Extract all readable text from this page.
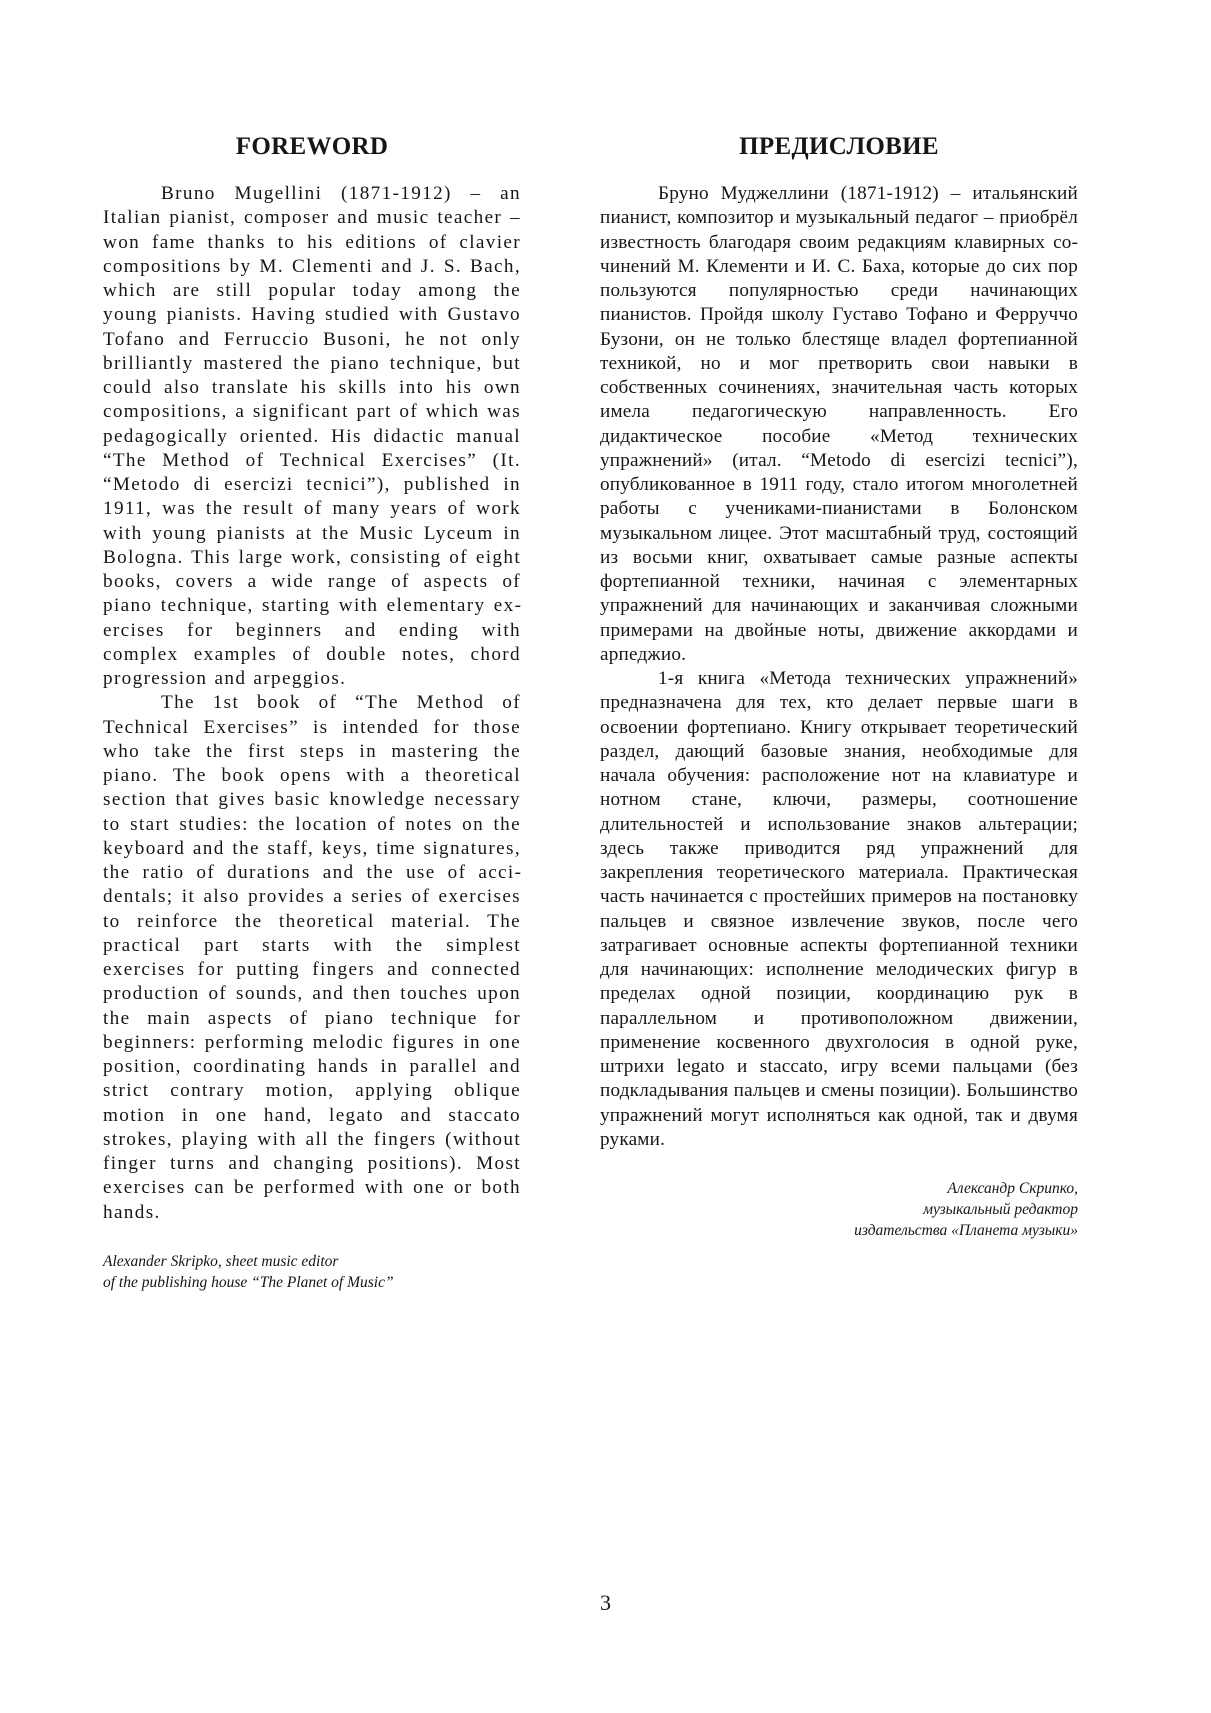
FOREWORD

Bruno Mugellini (1871-1912) – an Italian pianist, composer and music teacher – won fame thanks to his editions of clavier compositions by M. Clementi and J. S. Bach, which are still popular today among the young pianists. Having studied with Gustavo Tofano and Ferruccio Busoni, he not only brilliantly mastered the piano technique, but could also translate his skills into his own compositions, a significant part of which was pedagogically oriented. His didactic manual “The Method of Technical Exercises” (It. “Metodo di esercizi tecnici”), published in 1911, was the result of many years of work with young pianists at the Music Lyceum in Bologna. This large work, consisting of eight books, covers a wide range of aspects of piano technique, starting with elementary exercises for beginners and ending with complex examples of double notes, chord progression and arpeggios.

The 1st book of “The Method of Technical Exercises” is intended for those who take the first steps in mastering the piano. The book opens with a theoretical section that gives basic knowledge necessary to start studies: the location of notes on the keyboard and the staff, keys, time signatures, the ratio of durations and the use of accidentals; it also provides a series of exercises to reinforce the theoretical material. The practical part starts with the simplest exercises for putting fingers and connected production of sounds, and then touches upon the main aspects of piano technique for beginners: performing melodic figures in one position, coordinating hands in parallel and strict contrary motion, applying oblique motion in one hand, legato and staccato strokes, playing with all the fingers (without finger turns and changing positions). Most exercises can be performed with one or both hands.

Alexander Skripko, sheet music editor
of the publishing house “The Planet of Music”
ПРЕДИСЛОВИЕ

Бруно Муджеллини (1871-1912) – итальянский пианист, композитор и музыкальный педагог – приобрёл известность благодаря своим редакциям клавирных сочинений М. Клементи и И. С. Баха, которые до сих пор пользуются популярностью среди начинающих пианистов. Пройдя школу Густаво Тофано и Ферруччо Бузони, он не только блестяще владел фортепианной техникой, но и мог претворить свои навыки в собственных сочинениях, значительная часть которых имела педагогическую направленность. Его дидактическое пособие «Метод технических упражнений» (итал. “Metodo di esercizi tecnici”), опубликованное в 1911 году, стало итогом многолетней работы с учениками-пианистами в Болонском музыкальном лицее. Этот масштабный труд, состоящий из восьми книг, охватывает самые разные аспекты фортепианной техники, начиная с элементарных упражнений для начинающих и заканчивая сложными примерами на двойные ноты, движение аккордами и арпеджио.

1-я книга «Метода технических упражнений» предназначена для тех, кто делает первые шаги в освоении фортепиано. Книгу открывает теоретический раздел, дающий базовые знания, необходимые для начала обучения: расположение нот на клавиатуре и нотном стане, ключи, размеры, соотношение длительностей и использование знаков альтерации; здесь также приводится ряд упражнений для закрепления теоретического материала. Практическая часть начинается с простейших примеров на постановку пальцев и связное извлечение звуков, после чего затрагивает основные аспекты фортепианной техники для начинающих: исполнение мелодических фигур в пределах одной позиции, координацию рук в параллельном и противоположном движении, применение косвенного двухголосия в одной руке, штрихи legato и staccato, игру всеми пальцами (без подкладывания пальцев и смены позиции). Большинство упражнений могут исполняться как одной, так и двумя руками.

Александр Скрипко,
музыкальный редактор
издательства «Планета музыки»
3
